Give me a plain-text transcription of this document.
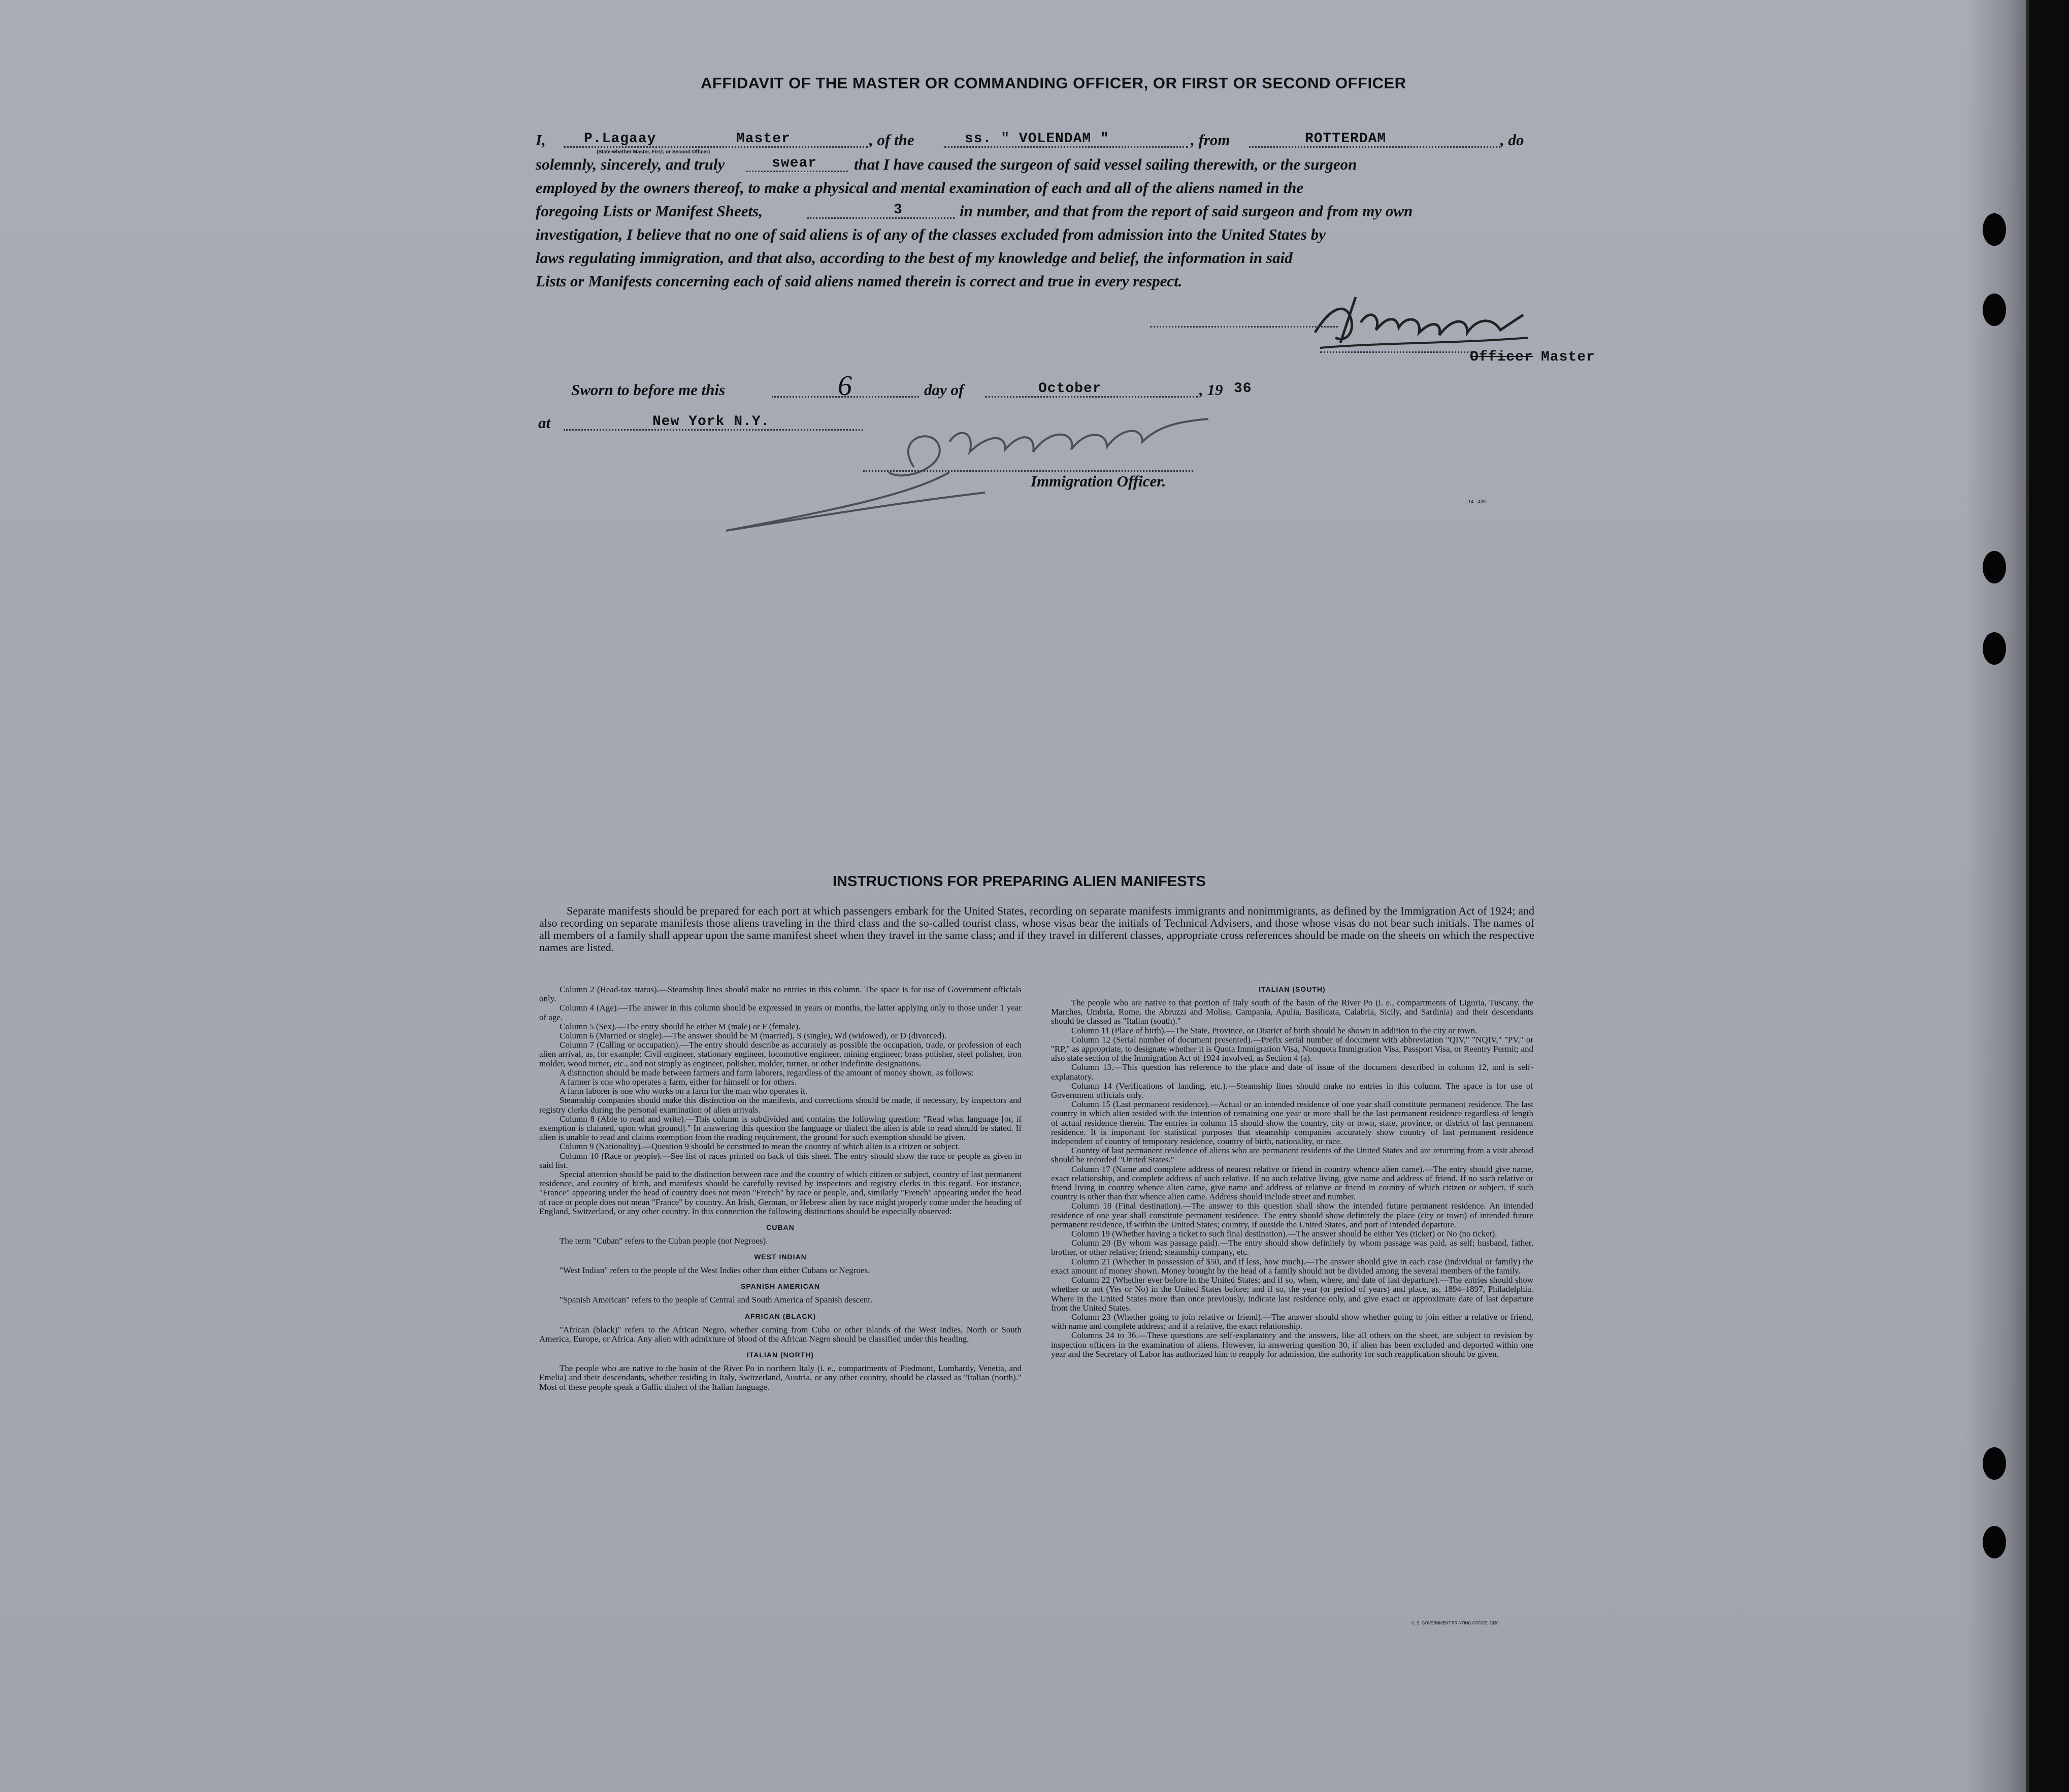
AFFIDAVIT OF THE MASTER OR COMMANDING OFFICER, OR FIRST OR SECOND OFFICER
I,	P.Lagaay	Master
(State whether Master, First, or Second Officer)
, of the	ss. " VOLENDAM "	, from	ROTTERDAM	, do
solemnly, sincerely, and truly	swear that I have caused the surgeon of said vessel sailing therewith, or the surgeon
employed by the owners thereof, to make a physical and mental examination of each and all of the aliens named in the
foregoing Lists or Manifest Sheets,	3	in number, and that from the report of said surgeon and from my own
investigation, I believe that no one of said aliens is of any of the classes excluded from admission into the United States by
laws regulating immigration, and that also, according to the best of my knowledge and belief, the information in said
Lists or Manifests concerning each of said aliens named therein is correct and true in every respect.
Officer Master
Sworn to before me this	6	day of	October	, 19 36
at	New York N.Y.
Immigration Officer.
14—430
INSTRUCTIONS FOR PREPARING ALIEN MANIFESTS
Separate manifests should be prepared for each port at which passengers embark for the United States, recording on separate manifests immigrants and nonimmigrants, as defined by the Immigration Act of 1924; and also recording on separate manifests those aliens traveling in the third class and the so-called tourist class, whose visas bear the initials of Technical Advisers, and those whose visas do not bear such initials. The names of all members of a family shall appear upon the same manifest sheet when they travel in the same class; and if they travel in different classes, appropriate cross references should be made on the sheets on which the respective names are listed.

Column 2 (Head-tax status).—Steamship lines should make no entries in this column. The space is for use of Government officials only.

Column 4 (Age).—The answer in this column should be expressed in years or months, the latter applying only to those under 1 year of age.

Column 5 (Sex).—The entry should be either M (male) or F (female).

Column 6 (Married or single).—The answer should be M (married), S (single), Wd (widowed), or D (divorced).

Column 7 (Calling or occupation).—The entry should describe as accurately as possible the occupation, trade, or profession of each alien arrival, as, for example: Civil engineer, stationary engineer, locomotive engineer, mining engineer, brass polisher, steel polisher, iron molder, wood turner, etc., and not simply as engineer, polisher, molder, turner, or other indefinite designations.

A distinction should be made between farmers and farm laborers, regardless of the amount of money shown, as follows:

A farmer is one who operates a farm, either for himself or for others.

A farm laborer is one who works on a farm for the man who operates it.

Steamship companies should make this distinction on the manifests, and corrections should be made, if necessary, by inspectors and registry clerks during the personal examination of alien arrivals.

Column 8 (Able to read and write).—This column is subdivided and contains the following question: "Read what language [or, if exemption is claimed, upon what ground]." In answering this question the language or dialect the alien is able to read should be stated. If alien is unable to read and claims exemption from the reading requirement, the ground for such exemption should be given.

Column 9 (Nationality).—Question 9 should be construed to mean the country of which alien is a citizen or subject.

Column 10 (Race or people).—See list of races printed on back of this sheet. The entry should show the race or people as given in said list.

Special attention should be paid to the distinction between race and the country of which citizen or subject, country of last permanent residence, and country of birth, and manifests should be carefully revised by inspectors and registry clerks in this regard. For instance, "France" appearing under the head of country does not mean "French" by race or people, and, similarly "French" appearing under the head of race or people does not mean "France" by country. An Irish, German, or Hebrew alien by race might properly come under the heading of England, Switzerland, or any other country. In this connection the following distinctions should be especially observed:

CUBAN

The term "Cuban" refers to the Cuban people (not Negroes).

WEST INDIAN

"West Indian" refers to the people of the West Indies other than either Cubans or Negroes.

SPANISH AMERICAN

"Spanish American" refers to the people of Central and South America of Spanish descent.

AFRICAN (BLACK)

"African (black)" refers to the African Negro, whether coming from Cuba or other islands of the West Indies, North or South America, Europe, or Africa. Any alien with admixture of blood of the African Negro should be classified under this heading.

ITALIAN (NORTH)

The people who are native to the basin of the River Po in northern Italy (i. e., compartments of Piedmont, Lombardy, Venetia, and Emelia) and their descendants, whether residing in Italy, Switzerland, Austria, or any other country, should be classed as "Italian (north)." Most of these people speak a Gallic dialect of the Italian language.

ITALIAN (SOUTH)

The people who are native to that portion of Italy south of the basin of the River Po (i. e., compartments of Liguria, Tuscany, the Marches, Umbria, Rome, the Abruzzi and Molise, Campania, Apulia, Basilicata, Calabria, Sicily, and Sardinia) and their descendants should be classed as "Italian (south)."

Column 11 (Place of birth).—The State, Province, or District of birth should be shown in addition to the city or town.

Column 12 (Serial number of document presented).—Prefix serial number of document with abbreviation "QIV," "NQIV," "PV," or "RP," as appropriate, to designate whether it is Quota Immigration Visa, Nonquota Immigration Visa, Passport Visa, or Reentry Permit; and also state section of the Immigration Act of 1924 involved, as Section 4 (a).

Column 13.—This question has reference to the place and date of issue of the document described in column 12, and is self-explanatory.

Column 14 (Verifications of landing, etc.).—Steamship lines should make no entries in this column. The space is for use of Government officials only.

Column 15 (Last permanent residence).—Actual or an intended residence of one year shall constitute permanent residence. The last country in which alien resided with the intention of remaining one year or more shall be the last permanent residence regardless of length of actual residence therein. The entries in column 15 should show the country, city or town, state, province, or district of last permanent residence. It is important for statistical purposes that steamship companies accurately show country of last permanent residence independent of country of temporary residence, country of birth, nationality, or race.

Country of last permanent residence of aliens who are permanent residents of the United States and are returning from a visit abroad should be recorded "United States."

Column 17 (Name and complete address of nearest relative or friend in country whence alien came).—The entry should give name, exact relationship, and complete address of such relative. If no such relative living, give name and address of friend. If no such relative or friend living in country whence alien came, give name and address of relative or friend in country of which citizen or subject, if such country is other than that whence alien came. Address should include street and number.

Column 18 (Final destination).—The answer to this question shall show the intended future permanent residence. An intended residence of one year shall constitute permanent residence. The entry should show definitely the place (city or town) of intended future permanent residence, if within the United States; country, if outside the United States, and port of intended departure.

Column 19 (Whether having a ticket to such final destination).—The answer should be either Yes (ticket) or No (no ticket).

Column 20 (By whom was passage paid).—The entry should show definitely by whom passage was paid, as self; husband, father, brother, or other relative; friend; steamship company, etc.

Column 21 (Whether in possession of $50, and if less, how much).—The answer should give in each case (individual or family) the exact amount of money shown. Money brought by the head of a family should not be divided among the several members of the family.

Column 22 (Whether ever before in the United States; and if so, when, where, and date of last departure).—The entries should show whether or not (Yes or No) in the United States before; and if so, the year (or period of years) and place, as, 1894–1897, Philadelphia. Where in the United States more than once previously, indicate last residence only, and give exact or approximate date of last departure from the United States.

Column 23 (Whether going to join relative or friend).—The answer should show whether going to join either a relative or friend, with name and complete address; and if a relative, the exact relationship.

Columns 24 to 36.—These questions are self-explanatory and the answers, like all others on the sheet, are subject to revision by inspection officers in the examination of aliens. However, in answering question 30, if alien has been excluded and deported within one year and the Secretary of Labor has authorized him to reapply for admission, the authority for such reapplication should be given.

U. S. GOVERNMENT PRINTING OFFICE: 1930
